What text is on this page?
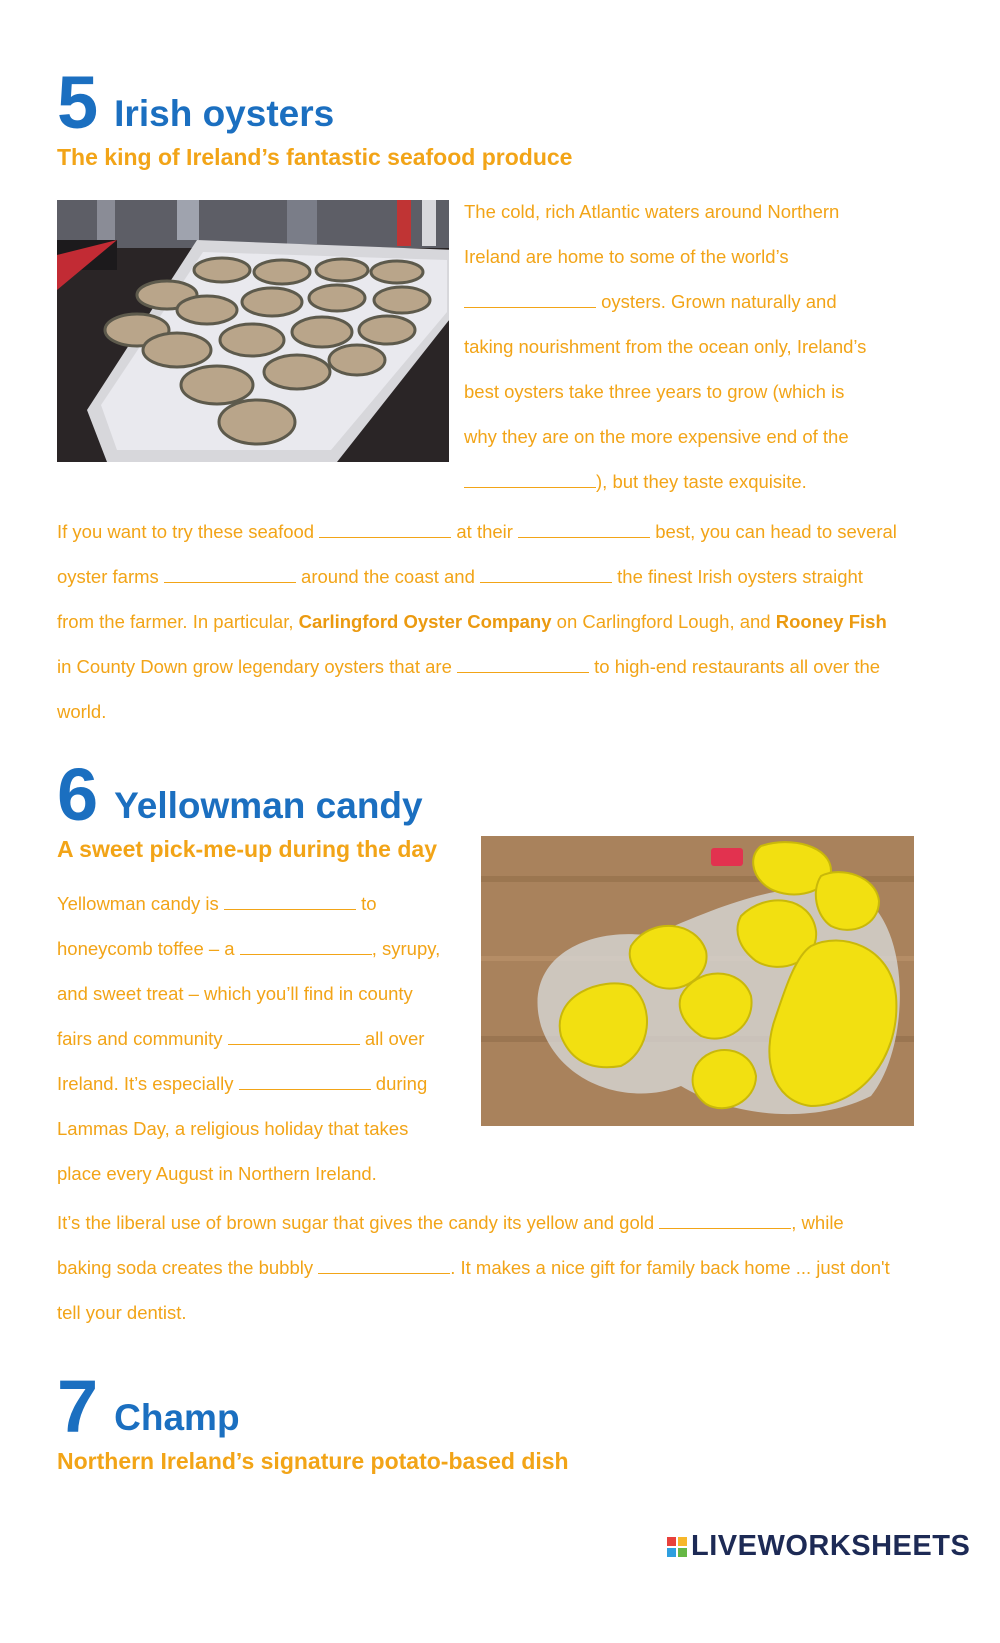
5 Irish oysters
The king of Ireland’s fantastic seafood produce

The cold, rich Atlantic waters around Northern

Ireland are home to some of the world’s

oysters. Grown naturally and

taking nourishment from the ocean only, Ireland’s

best oysters take three years to grow (which is

why they are on the more expensive end of the

), but they taste exquisite.

If you want to try these seafood	at their	best, you can head to several oyster farms	around the coast and	the finest Irish oysters straight from the farmer. In particular, Carlingford Oyster Company on Carlingford Lough, and Rooney Fish in County Down grow legendary oysters that are	to high-end restaurants all over the world.

6 Yellowman candy
A sweet pick-me-up during the day

Yellowman candy is	to

honeycomb toffee – a	, syrupy,

and sweet treat – which you’ll find in county

fairs and community	all over

Ireland. It’s especially	during

Lammas Day, a religious holiday that takes

place every August in Northern Ireland.

It’s the liberal use of brown sugar that gives the candy its yellow and gold	, while baking soda creates the bubbly	. It makes a nice gift for family back home ... just don't tell your dentist.

7 Champ
Northern Ireland’s signature potato-based dish
LIVEWORKSHEETS
